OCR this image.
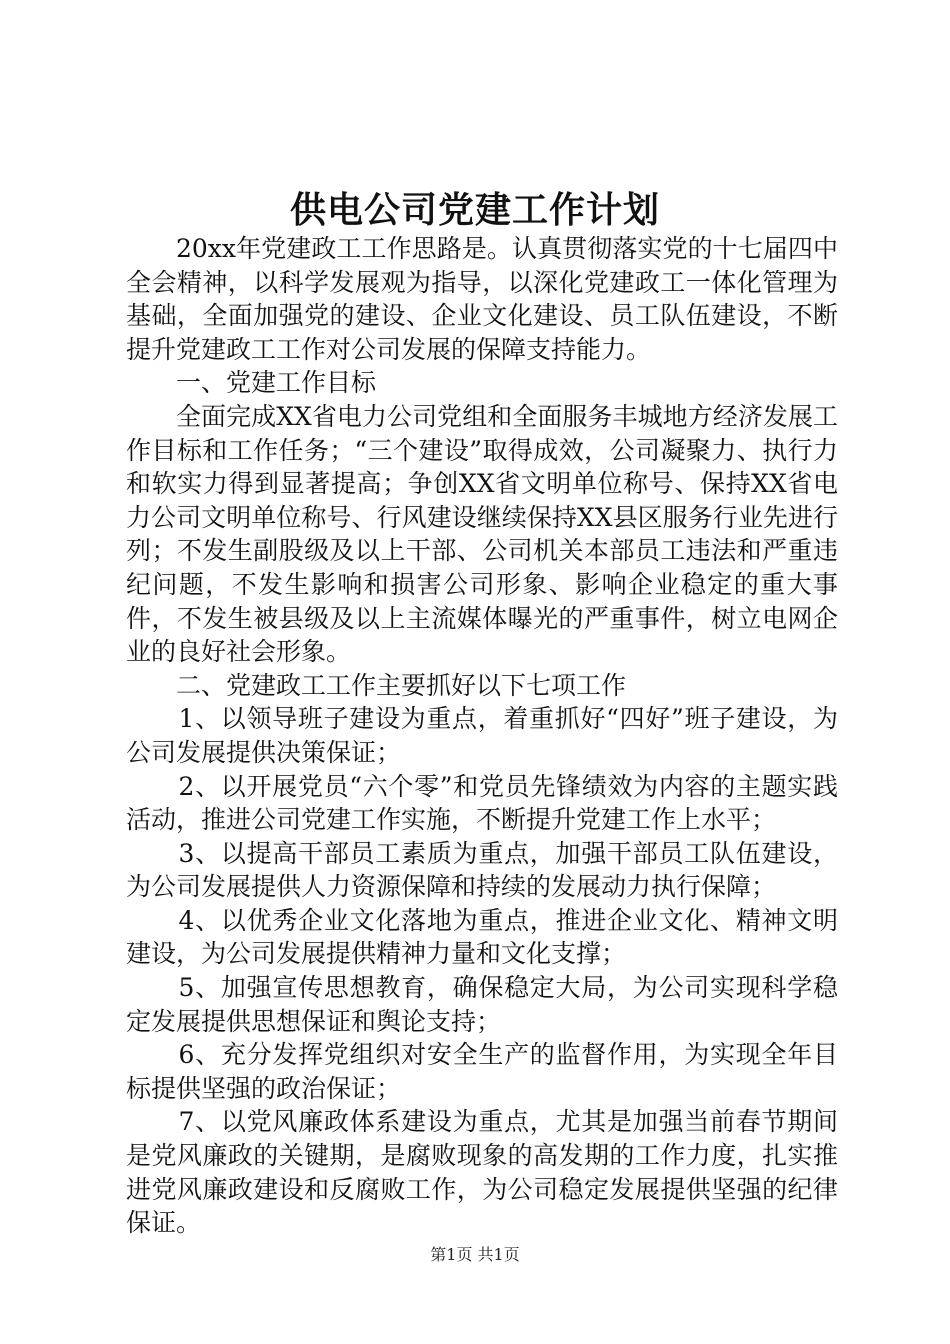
供电公司党建工作计划

20xx年党建政工工作思路是。认真贯彻落实党的十七届四中全会精神，以科学发展观为指导，以深化党建政工一体化管理为基础，全面加强党的建设、企业文化建设、员工队伍建设，不断提升党建政工工作对公司发展的保障支持能力。

一、党建工作目标

全面完成XX省电力公司党组和全面服务丰城地方经济发展工作目标和工作任务；“三个建设”取得成效，公司凝聚力、执行力和软实力得到显著提高；争创XX省文明单位称号、保持XX省电力公司文明单位称号、行风建设继续保持XX县区服务行业先进行列；不发生副股级及以上干部、公司机关本部员工违法和严重违纪问题，不发生影响和损害公司形象、影响企业稳定的重大事件，不发生被县级及以上主流媒体曝光的严重事件，树立电网企业的良好社会形象。

二、党建政工工作主要抓好以下七项工作

1、以领导班子建设为重点，着重抓好“四好”班子建设，为公司发展提供决策保证；

2、以开展党员“六个零”和党员先锋绩效为内容的主题实践活动，推进公司党建工作实施，不断提升党建工作上水平；

3、以提高干部员工素质为重点，加强干部员工队伍建设，为公司发展提供人力资源保障和持续的发展动力执行保障；

4、以优秀企业文化落地为重点，推进企业文化、精神文明建设，为公司发展提供精神力量和文化支撑；

5、加强宣传思想教育，确保稳定大局，为公司实现科学稳定发展提供思想保证和舆论支持；

6、充分发挥党组织对安全生产的监督作用，为实现全年目标提供坚强的政治保证；

7、以党风廉政体系建设为重点，尤其是加强当前春节期间是党风廉政的关键期，是腐败现象的高发期的工作力度，扎实推进党风廉政建设和反腐败工作，为公司稳定发展提供坚强的纪律保证。

第1页 共1页
